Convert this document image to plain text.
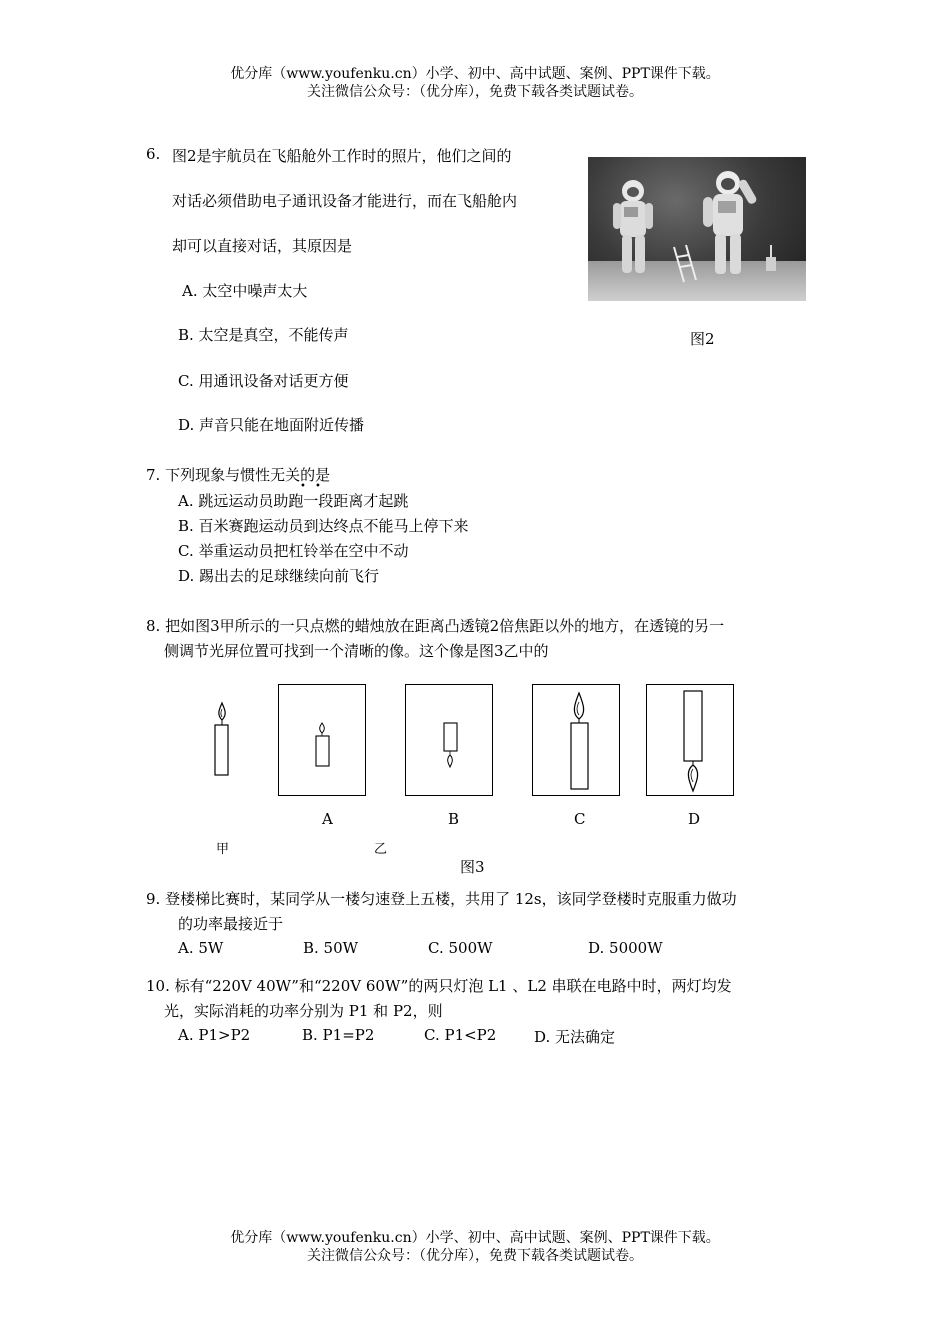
优分库（www.youfenku.cn）小学、初中、高中试题、案例、PPT课件下载。
关注微信公众号：（优分库），免费下载各类试题试卷。
6. 图2是宇航员在飞船舱外工作时的照片，他们之间的
对话必须借助电子通讯设备才能进行，而在飞船舱内
却可以直接对话，其原因是
A. 太空中噪声太大
B. 太空是真空，不能传声
C. 用通讯设备对话更方便
D. 声音只能在地面附近传播
图2
7. 下列现象与惯性无关的是
• •
A. 跳远运动员助跑一段距离才起跳
B. 百米赛跑运动员到达终点不能马上停下来
C. 举重运动员把杠铃举在空中不动
D. 踢出去的足球继续向前飞行
8. 把如图3甲所示的一只点燃的蜡烛放在距离凸透镜2倍焦距以外的地方，在透镜的另一
侧调节光屏位置可找到一个清晰的像。这个像是图3乙中的
A	B	C	D
甲	乙
图3
9. 登楼梯比赛时，某同学从一楼匀速登上五楼，共用了 12s，该同学登楼时克服重力做功
的功率最接近于
A. 5W	B. 50W	C. 500W	D. 5000W
10. 标有“220V 40W”和“220V 60W”的两只灯泡 L1 、L2 串联在电路中时，两灯均发
光，实际消耗的功率分别为 P1 和 P2，则
A. P1>P2	B. P1=P2	C. P1<P2	D. 无法确定
优分库（www.youfenku.cn）小学、初中、高中试题、案例、PPT课件下载。
关注微信公众号：（优分库），免费下载各类试题试卷。
